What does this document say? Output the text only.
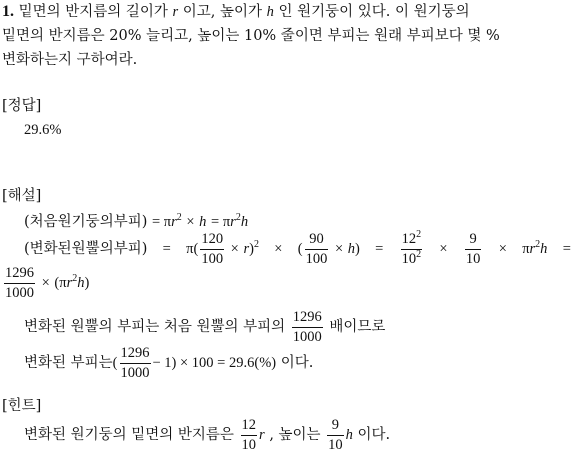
1. 밑면의 반지름의 길이가 r 이고, 높이가 h 인 원기둥이 있다. 이 원기둥의
밑면의 반지름은 20% 늘리고, 높이는 10% 줄이면 부피는 원래 부피보다 몇 %
변화하는지 구하여라.
[정답]
29.6%
[해설]
(처음원기둥의부피) = $\pi r^2 \times h = \pi r^2h$
(변화된원뿔의부피) = $\pi( \frac{120}{100} \times r)^2$ × ( $\frac{90}{100} \times h) = \frac{12^2}{10^2} \times \frac{9}{10} \times \pi r^2h$ =
$\frac{1296}{1000} \times (\pi r^2h)$
변화된 원뿔의 부피는 처음 원뿔의 부피의 $\frac{1296}{1000}$ 배이므로
변화된 부피는( $\frac{1296}{1000} - 1) \times 100 = 29.6(\%)$ 이다.
[힌트]
변화된 원기둥의 밑면의 반지름은 $\frac{12}{10}$ r , 높이는 $\frac{9}{10}$ h 이다.
